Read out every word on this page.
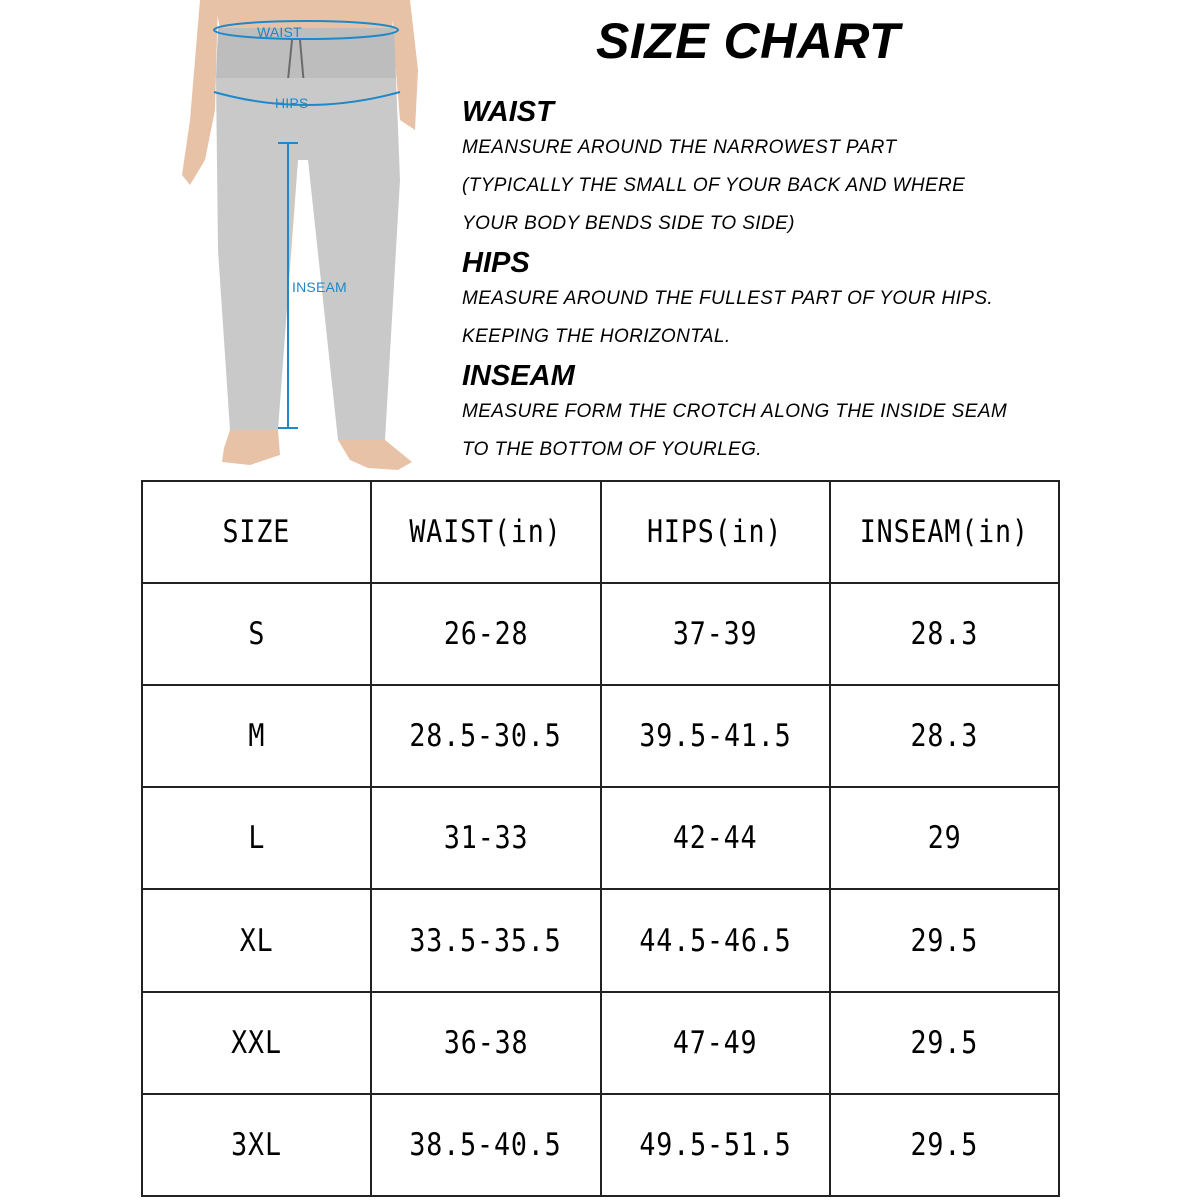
WAIST
HIPS
INSEAM
SIZE CHART

WAIST

MEANSURE AROUND THE NARROWEST PART

(TYPICALLY THE SMALL OF YOUR BACK AND WHERE

YOUR BODY BENDS SIDE TO SIDE)

HIPS

MEASURE AROUND THE FULLEST PART OF YOUR HIPS.

KEEPING THE HORIZONTAL.

INSEAM

MEASURE FORM THE CROTCH ALONG THE INSIDE SEAM

TO THE BOTTOM OF YOURLEG.

SIZE	WAIST(in)	HIPS(in)	INSEAM(in)
S	26-28	37-39	28.3
M	28.5-30.5	39.5-41.5	28.3
L	31-33	42-44	29
XL	33.5-35.5	44.5-46.5	29.5
XXL	36-38	47-49	29.5
3XL	38.5-40.5	49.5-51.5	29.5
